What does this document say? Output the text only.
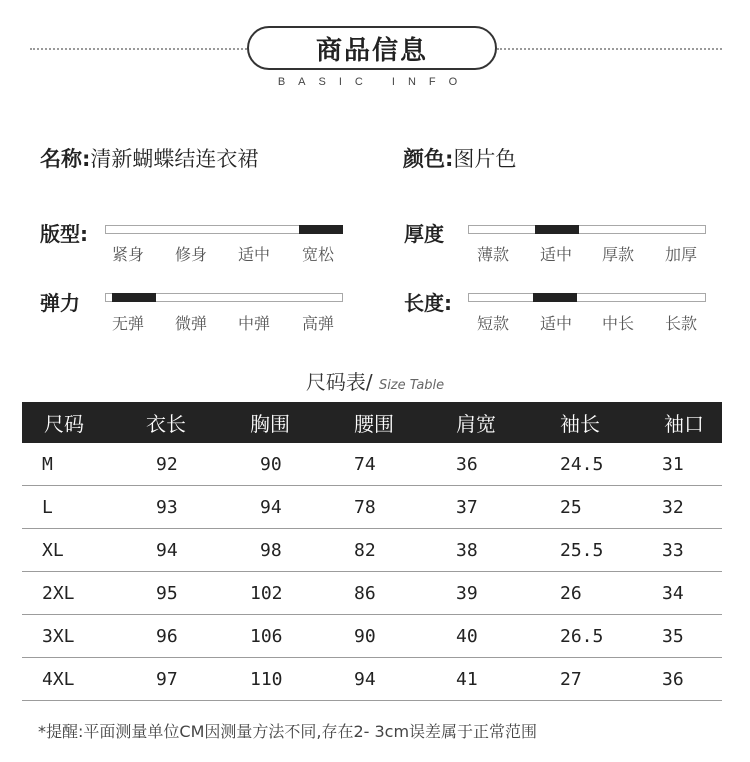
商品信息
BASIC INFO
名称:清新蝴蝶结连衣裙	颜色:图片色
版型:
紧身 修身 适中 宽松
厚度
薄款 适中 厚款 加厚
弹力
无弹 微弹 中弹 高弹
长度:
短款 适中 中长 长款
尺码表/ Size Table
尺码	衣长	胸围	腰围	肩宽	袖长	袖口
M	92	90	74	36	24.5	31
L	93	94	78	37	25	32
XL	94	98	82	38	25.5	33
2XL	95	102	86	39	26	34
3XL	96	106	90	40	26.5	35
4XL	97	110	94	41	27	36
*提醒:平面测量单位CM因测量方法不同,存在2- 3cm误差属于正常范围
